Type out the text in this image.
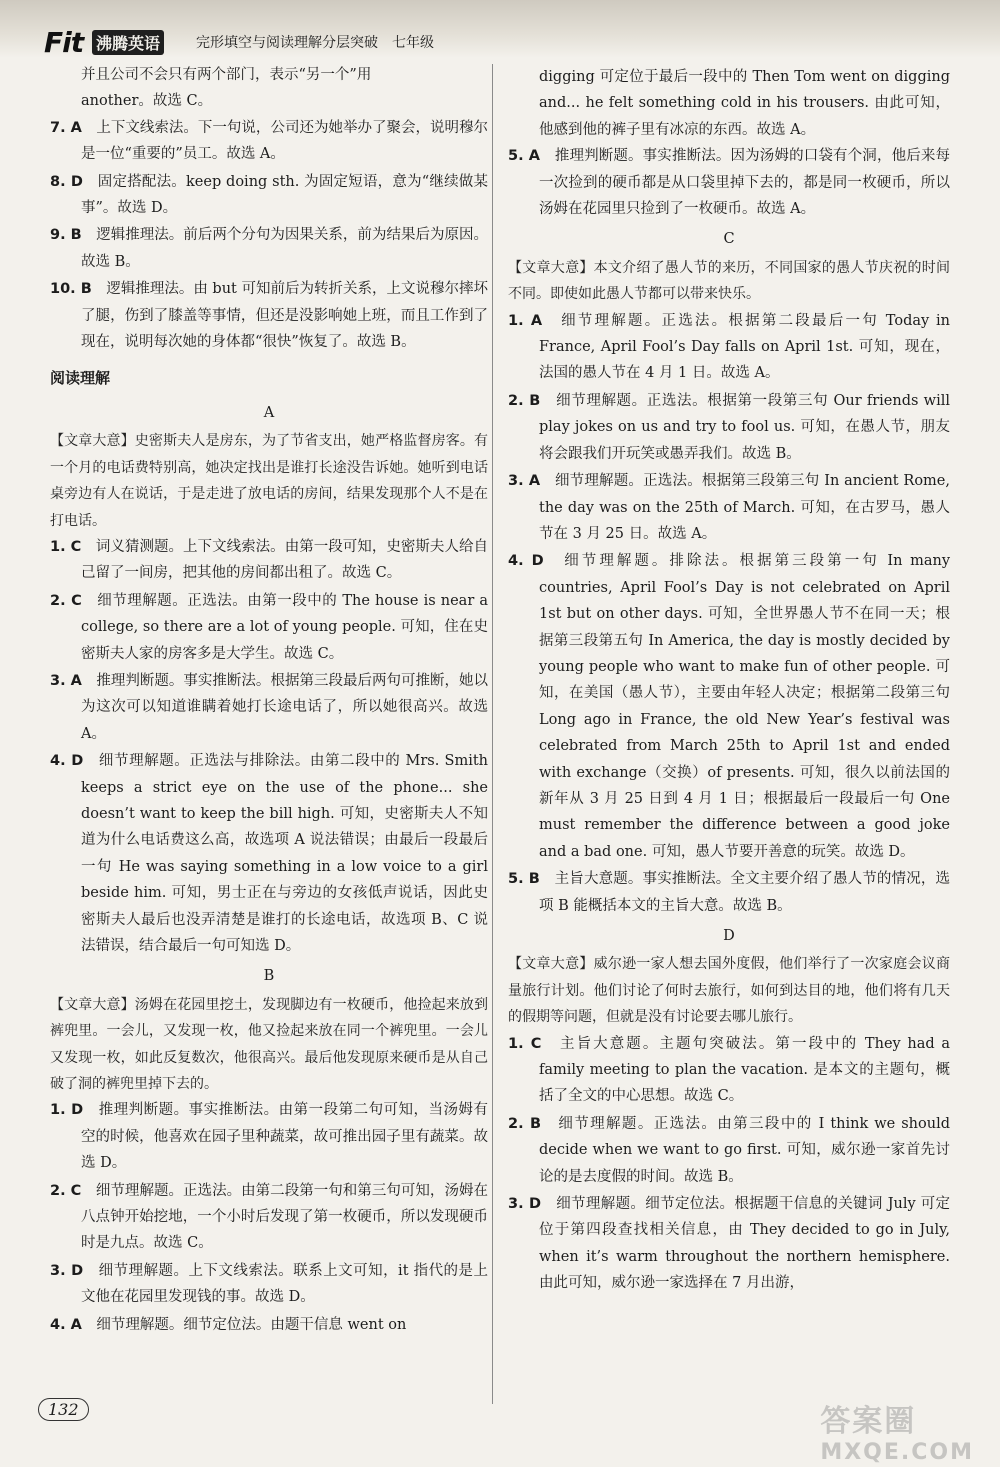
Fit 沸腾英语	完形填空与阅读理解分层突破　七年级

并且公司不会只有两个部门，表示“另一个”用

another。故选 C。

7. A　 上下文线索法。下一句说，公司还为她举办了聚会，说明穆尔是一位“重要的”员工。故选 A。

8. D　 固定搭配法。keep doing sth. 为固定短语，意为“继续做某事”。故选 D。

9. B　 逻辑推理法。前后两个分句为因果关系，前为结果后为原因。故选 B。

10. B　 逻辑推理法。由 but 可知前后为转折关系，上文说穆尔摔坏了腿，伤到了膝盖等事情，但还是没影响她上班，而且工作到了现在，说明每次她的身体都“很快”恢复了。故选 B。

阅读理解

A

【文章大意】史密斯夫人是房东，为了节省支出，她严格监督房客。有一个月的电话费特别高，她决定找出是谁打长途没告诉她。她听到电话桌旁边有人在说话，于是走进了放电话的房间，结果发现那个人不是在打电话。

1. C　 词义猜测题。上下文线索法。由第一段可知，史密斯夫人给自己留了一间房，把其他的房间都出租了。故选 C。

2. C　 细节理解题。正选法。由第一段中的 The house is near a college, so there are a lot of young people. 可知，住在史密斯夫人家的房客多是大学生。故选 C。

3. A　 推理判断题。事实推断法。根据第三段最后两句可推断，她以为这次可以知道谁瞒着她打长途电话了，所以她很高兴。故选 A。

4. D　 细节理解题。正选法与排除法。由第二段中的 Mrs. Smith keeps a strict eye on the use of the phone... she doesn’t want to keep the bill high. 可知，史密斯夫人不知道为什么电话费这么高，故选项 A 说法错误；由最后一段最后一句 He was saying something in a low voice to a girl beside him. 可知，男士正在与旁边的女孩低声说话，因此史密斯夫人最后也没弄清楚是谁打的长途电话，故选项 B、C 说法错误，结合最后一句可知选 D。

B

【文章大意】汤姆在花园里挖土，发现脚边有一枚硬币，他捡起来放到裤兜里。一会儿，又发现一枚，他又捡起来放在同一个裤兜里。一会儿又发现一枚，如此反复数次，他很高兴。最后他发现原来硬币是从自己破了洞的裤兜里掉下去的。

1. D　 推理判断题。事实推断法。由第一段第二句可知，当汤姆有空的时候，他喜欢在园子里种蔬菜，故可推出园子里有蔬菜。故选 D。

2. C　 细节理解题。正选法。由第二段第一句和第三句可知，汤姆在八点钟开始挖地，一个小时后发现了第一枚硬币，所以发现硬币时是九点。故选 C。

3. D　 细节理解题。上下文线索法。联系上文可知，it 指代的是上文他在花园里发现钱的事。故选 D。

4. A　 细节理解题。细节定位法。由题干信息 went on

digging 可定位于最后一段中的 Then Tom went on digging and... he felt something cold in his trousers. 由此可知，他感到他的裤子里有冰凉的东西。故选 A。

5. A　 推理判断题。事实推断法。因为汤姆的口袋有个洞，他后来每一次捡到的硬币都是从口袋里掉下去的，都是同一枚硬币，所以汤姆在花园里只捡到了一枚硬币。故选 A。

C

【文章大意】本文介绍了愚人节的来历，不同国家的愚人节庆祝的时间不同。即使如此愚人节都可以带来快乐。

1. A　 细节理解题。正选法。根据第二段最后一句 Today in France, April Fool’s Day falls on April 1st. 可知，现在，法国的愚人节在 4 月 1 日。故选 A。

2. B　 细节理解题。正选法。根据第一段第三句 Our friends will play jokes on us and try to fool us. 可知，在愚人节，朋友将会跟我们开玩笑或愚弄我们。故选 B。

3. A　 细节理解题。正选法。根据第三段第三句 In ancient Rome, the day was on the 25th of March. 可知，在古罗马，愚人节在 3 月 25 日。故选 A。

4. D　 细节理解题。排除法。根据第三段第一句 In many countries, April Fool’s Day is not celebrated on April 1st but on other days. 可知，全世界愚人节不在同一天；根据第三段第五句 In America, the day is mostly decided by young people who want to make fun of other people. 可知，在美国（愚人节），主要由年轻人决定；根据第二段第三句 Long ago in France, the old New Year’s festival was celebrated from March 25th to April 1st and ended with exchange（交换）of presents. 可知，很久以前法国的新年从 3 月 25 日到 4 月 1 日；根据最后一段最后一句 One must remember the difference between a good joke and a bad one. 可知，愚人节要开善意的玩笑。故选 D。

5. B　 主旨大意题。事实推断法。全文主要介绍了愚人节的情况，选项 B 能概括本文的主旨大意。故选 B。

D

【文章大意】威尔逊一家人想去国外度假，他们举行了一次家庭会议商量旅行计划。他们讨论了何时去旅行，如何到达目的地，他们将有几天的假期等问题，但就是没有讨论要去哪儿旅行。

1. C　 主旨大意题。主题句突破法。第一段中的 They had a family meeting to plan the vacation. 是本文的主题句，概括了全文的中心思想。故选 C。

2. B　 细节理解题。正选法。由第三段中的 I think we should decide when we want to go first. 可知，威尔逊一家首先讨论的是去度假的时间。故选 B。

3. D　 细节理解题。细节定位法。根据题干信息的关键词 July 可定位于第四段查找相关信息，由 They decided to go in July, when it’s warm throughout the northern hemisphere. 由此可知，威尔逊一家选择在 7 月出游，

132	答案圈
MXQE.COM
